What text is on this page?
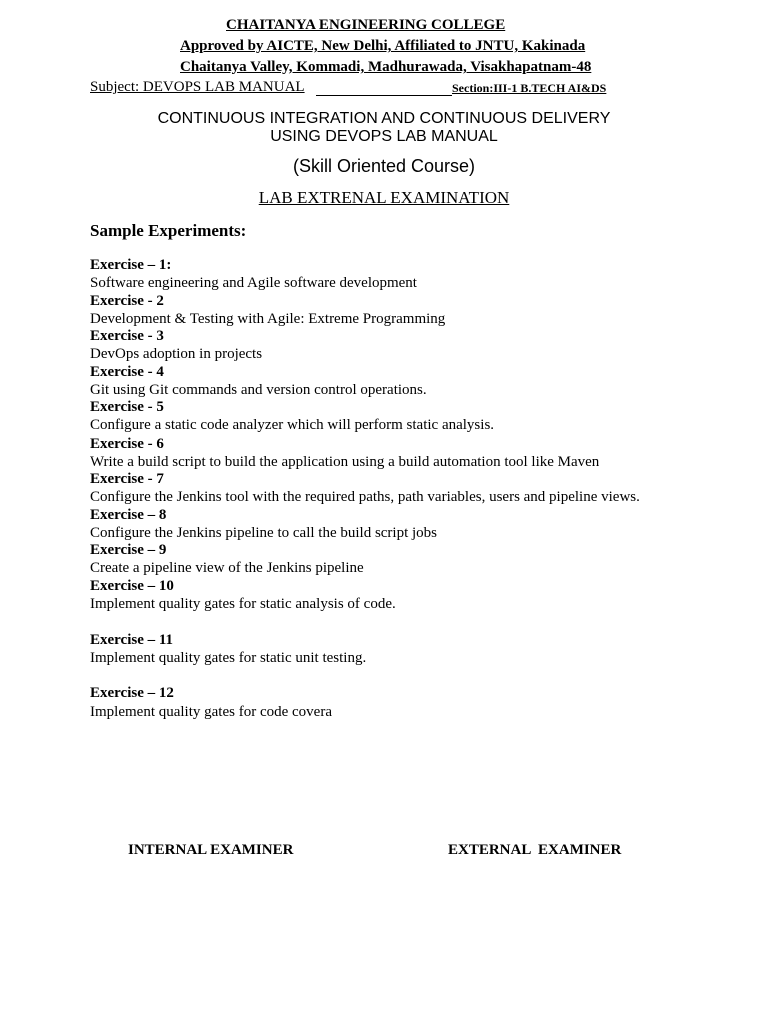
CHAITANYA ENGINEERING COLLEGE
Approved by AICTE, New Delhi, Affiliated to JNTU, Kakinada
Chaitanya Valley, Kommadi, Madhurawada, Visakhapatnam-48
Subject: DEVOPS LAB MANUAL	Section:III-1 B.TECH AI&DS
CONTINUOUS INTEGRATION AND CONTINUOUS DELIVERY
USING DEVOPS LAB MANUAL
(Skill Oriented Course)
LAB EXTRENAL EXAMINATION
Sample Experiments:
Exercise – 1:
Software engineering and Agile software development
Exercise - 2
Development & Testing with Agile: Extreme Programming
Exercise - 3
DevOps adoption in projects
Exercise - 4
Git using Git commands and version control operations.
Exercise - 5
Configure a static code analyzer which will perform static analysis.
Exercise - 6
Write a build script to build the application using a build automation tool like Maven
Exercise - 7
Configure the Jenkins tool with the required paths, path variables, users and pipeline views.
Exercise – 8
Configure the Jenkins pipeline to call the build script jobs
Exercise – 9
Create a pipeline view of the Jenkins pipeline
Exercise – 10
Implement quality gates for static analysis of code.
Exercise – 11
Implement quality gates for static unit testing.
Exercise – 12
Implement quality gates for code covera
INTERNAL EXAMINER	EXTERNAL  EXAMINER
